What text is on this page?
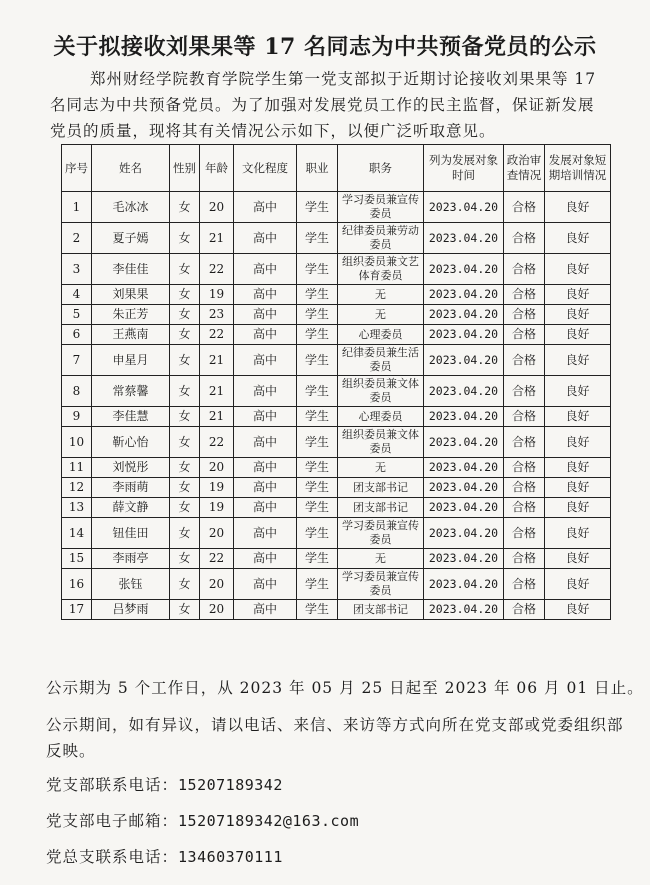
关于拟接收刘果果等 17 名同志为中共预备党员的公示
郑州财经学院教育学院学生第一党支部拟于近期讨论接收刘果果等 17 名同志为中共预备党员。为了加强对发展党员工作的民主监督，保证新发展党员的质量，现将其有关情况公示如下，以便广泛听取意见。
序号	姓名	性别	年龄	文化程度	职业	职务	列为发展对象时间	政治审查情况	发展对象短期培训情况
1	毛冰冰	女	20	高中	学生	学习委员兼宣传委员	2023.04.20	合格	良好
2	夏子嫣	女	21	高中	学生	纪律委员兼劳动委员	2023.04.20	合格	良好
3	李佳佳	女	22	高中	学生	组织委员兼文艺体育委员	2023.04.20	合格	良好
4	刘果果	女	19	高中	学生	无	2023.04.20	合格	良好
5	朱正芳	女	23	高中	学生	无	2023.04.20	合格	良好
6	王燕南	女	22	高中	学生	心理委员	2023.04.20	合格	良好
7	申星月	女	21	高中	学生	纪律委员兼生活委员	2023.04.20	合格	良好
8	常蔡馨	女	21	高中	学生	组织委员兼文体委员	2023.04.20	合格	良好
9	李佳慧	女	21	高中	学生	心理委员	2023.04.20	合格	良好
10	靳心怡	女	22	高中	学生	组织委员兼文体委员	2023.04.20	合格	良好
11	刘悦彤	女	20	高中	学生	无	2023.04.20	合格	良好
12	李雨萌	女	19	高中	学生	团支部书记	2023.04.20	合格	良好
13	薛文静	女	19	高中	学生	团支部书记	2023.04.20	合格	良好
14	钮佳田	女	20	高中	学生	学习委员兼宣传委员	2023.04.20	合格	良好
15	李雨亭	女	22	高中	学生	无	2023.04.20	合格	良好
16	张钰	女	20	高中	学生	学习委员兼宣传委员	2023.04.20	合格	良好
17	吕梦雨	女	20	高中	学生	团支部书记	2023.04.20	合格	良好
公示期为 5 个工作日，从 2023 年 05 月 25 日起至 2023 年 06 月 01 日止。
公示期间，如有异议，请以电话、来信、来访等方式向所在党支部或党委组织部反映。
党支部联系电话：15207189342
党支部电子邮箱：15207189342@163.com
党总支联系电话：13460370111
